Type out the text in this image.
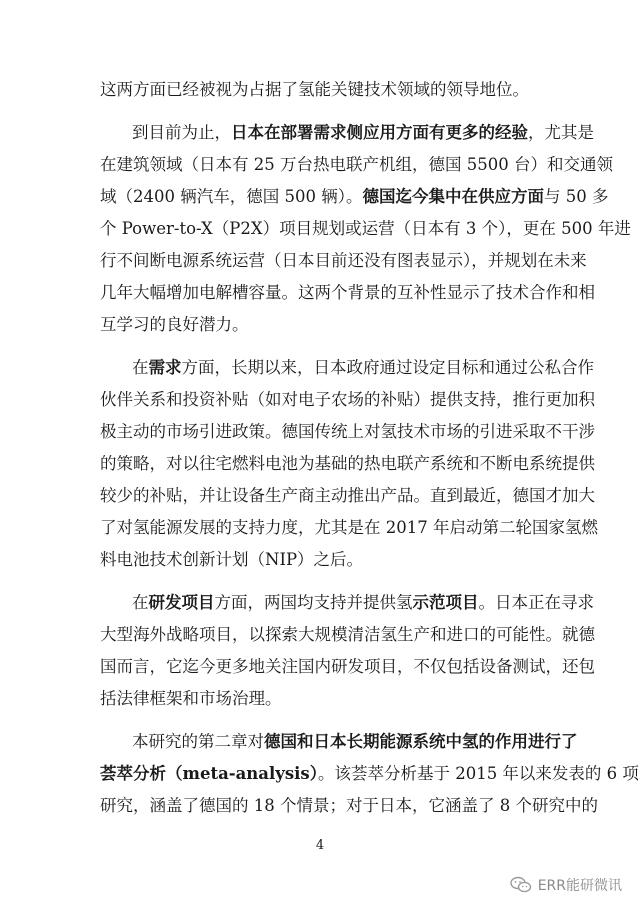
这两方面已经被视为占据了氢能关键技术领域的领导地位。
到目前为止，日本在部署需求侧应用方面有更多的经验，尤其是
在建筑领域（日本有 25 万台热电联产机组，德国 5500 台）和交通领
域（2400 辆汽车，德国 500 辆）。德国迄今集中在供应方面与 50 多
个 Power-to-X（P2X）项目规划或运营（日本有 3 个），更在 500 年进
行不间断电源系统运营（日本目前还没有图表显示），并规划在未来
几年大幅增加电解槽容量。这两个背景的互补性显示了技术合作和相
互学习的良好潜力。
在需求方面，长期以来，日本政府通过设定目标和通过公私合作
伙伴关系和投资补贴（如对电子农场的补贴）提供支持，推行更加积
极主动的市场引进政策。德国传统上对氢技术市场的引进采取不干涉
的策略，对以往宅燃料电池为基础的热电联产系统和不断电系统提供
较少的补贴，并让设备生产商主动推出产品。直到最近，德国才加大
了对氢能源发展的支持力度，尤其是在 2017 年启动第二轮国家氢燃
料电池技术创新计划（NIP）之后。
在研发项目方面，两国均支持并提供氢示范项目。日本正在寻求
大型海外战略项目，以探索大规模清洁氢生产和进口的可能性。就德
国而言，它迄今更多地关注国内研发项目，不仅包括设备测试，还包
括法律框架和市场治理。
本研究的第二章对德国和日本长期能源系统中氢的作用进行了
荟萃分析（meta-analysis）。该荟萃分析基于 2015 年以来发表的 6 项
研究，涵盖了德国的 18 个情景；对于日本，它涵盖了 8 个研究中的
4
ERR能研微讯
